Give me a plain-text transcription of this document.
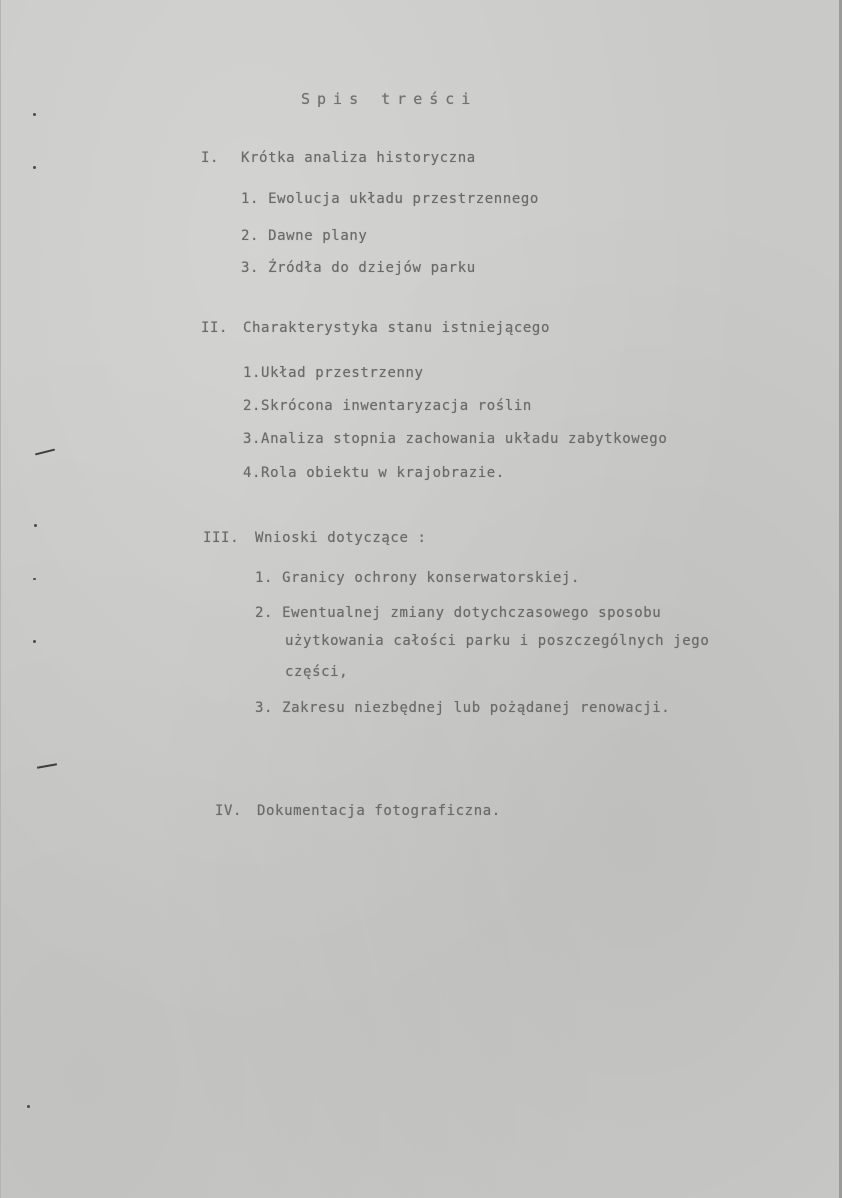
Spis treści
I. Krótka analiza historyczna
1. Ewolucja układu przestrzennego
2. Dawne plany
3. Źródła do dziejów parku
II. Charakterystyka stanu istniejącego
1.Układ przestrzenny
2.Skrócona inwentaryzacja roślin
3.Analiza stopnia zachowania układu zabytkowego
4.Rola obiektu w krajobrazie.
III. Wnioski dotyczące :
1. Granicy ochrony konserwatorskiej.
2. Ewentualnej zmiany dotychczasowego sposobu
użytkowania całości parku i poszczególnych jego
części,
3. Zakresu niezbędnej lub pożądanej renowacji.
IV. Dokumentacja fotograficzna.
